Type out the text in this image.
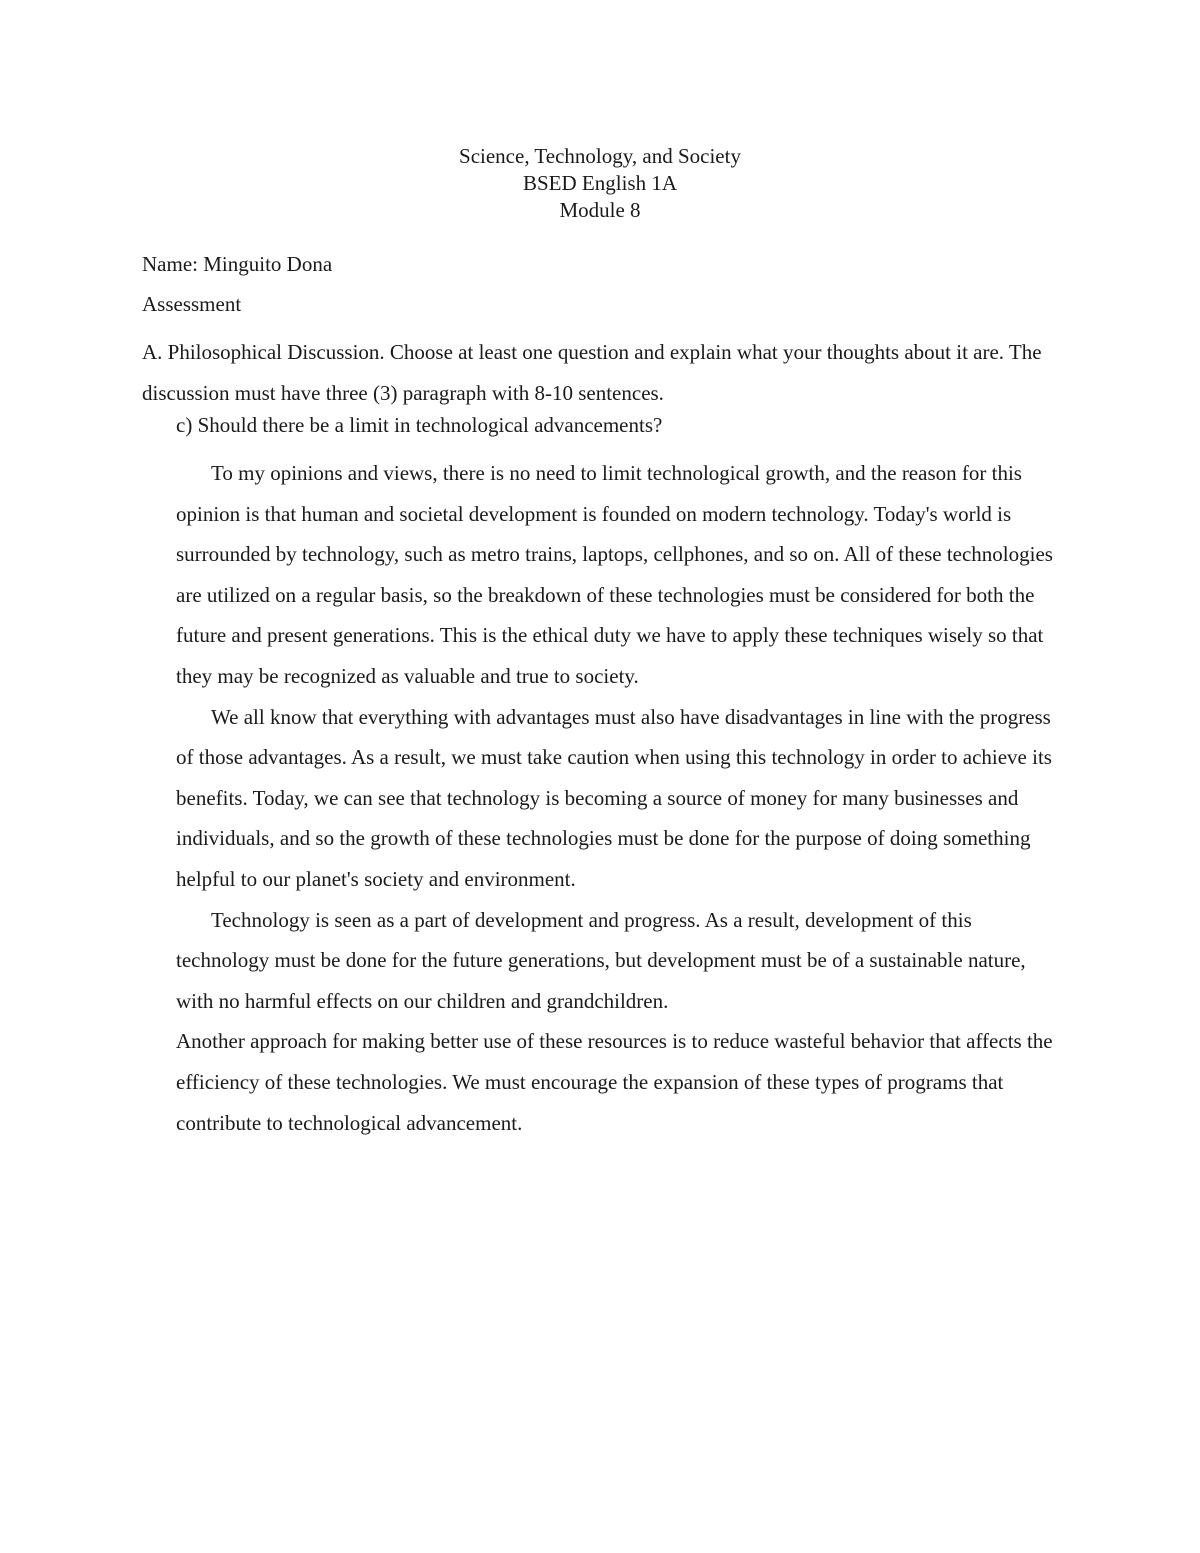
Science, Technology, and Society
BSED English 1A
Module 8
Name: Minguito Dona
Assessment
A. Philosophical Discussion. Choose at least one question and explain what your thoughts about it are. The discussion must have three (3) paragraph with 8-10 sentences.
c) Should there be a limit in technological advancements?

To my opinions and views, there is no need to limit technological growth, and the reason for this opinion is that human and societal development is founded on modern technology. Today's world is surrounded by technology, such as metro trains, laptops, cellphones, and so on. All of these technologies are utilized on a regular basis, so the breakdown of these technologies must be considered for both the future and present generations. This is the ethical duty we have to apply these techniques wisely so that they may be recognized as valuable and true to society.

We all know that everything with advantages must also have disadvantages in line with the progress of those advantages. As a result, we must take caution when using this technology in order to achieve its benefits. Today, we can see that technology is becoming a source of money for many businesses and individuals, and so the growth of these technologies must be done for the purpose of doing something helpful to our planet's society and environment.

Technology is seen as a part of development and progress. As a result, development of this technology must be done for the future generations, but development must be of a sustainable nature, with no harmful effects on our children and grandchildren.

Another approach for making better use of these resources is to reduce wasteful behavior that affects the efficiency of these technologies. We must encourage the expansion of these types of programs that contribute to technological advancement.
